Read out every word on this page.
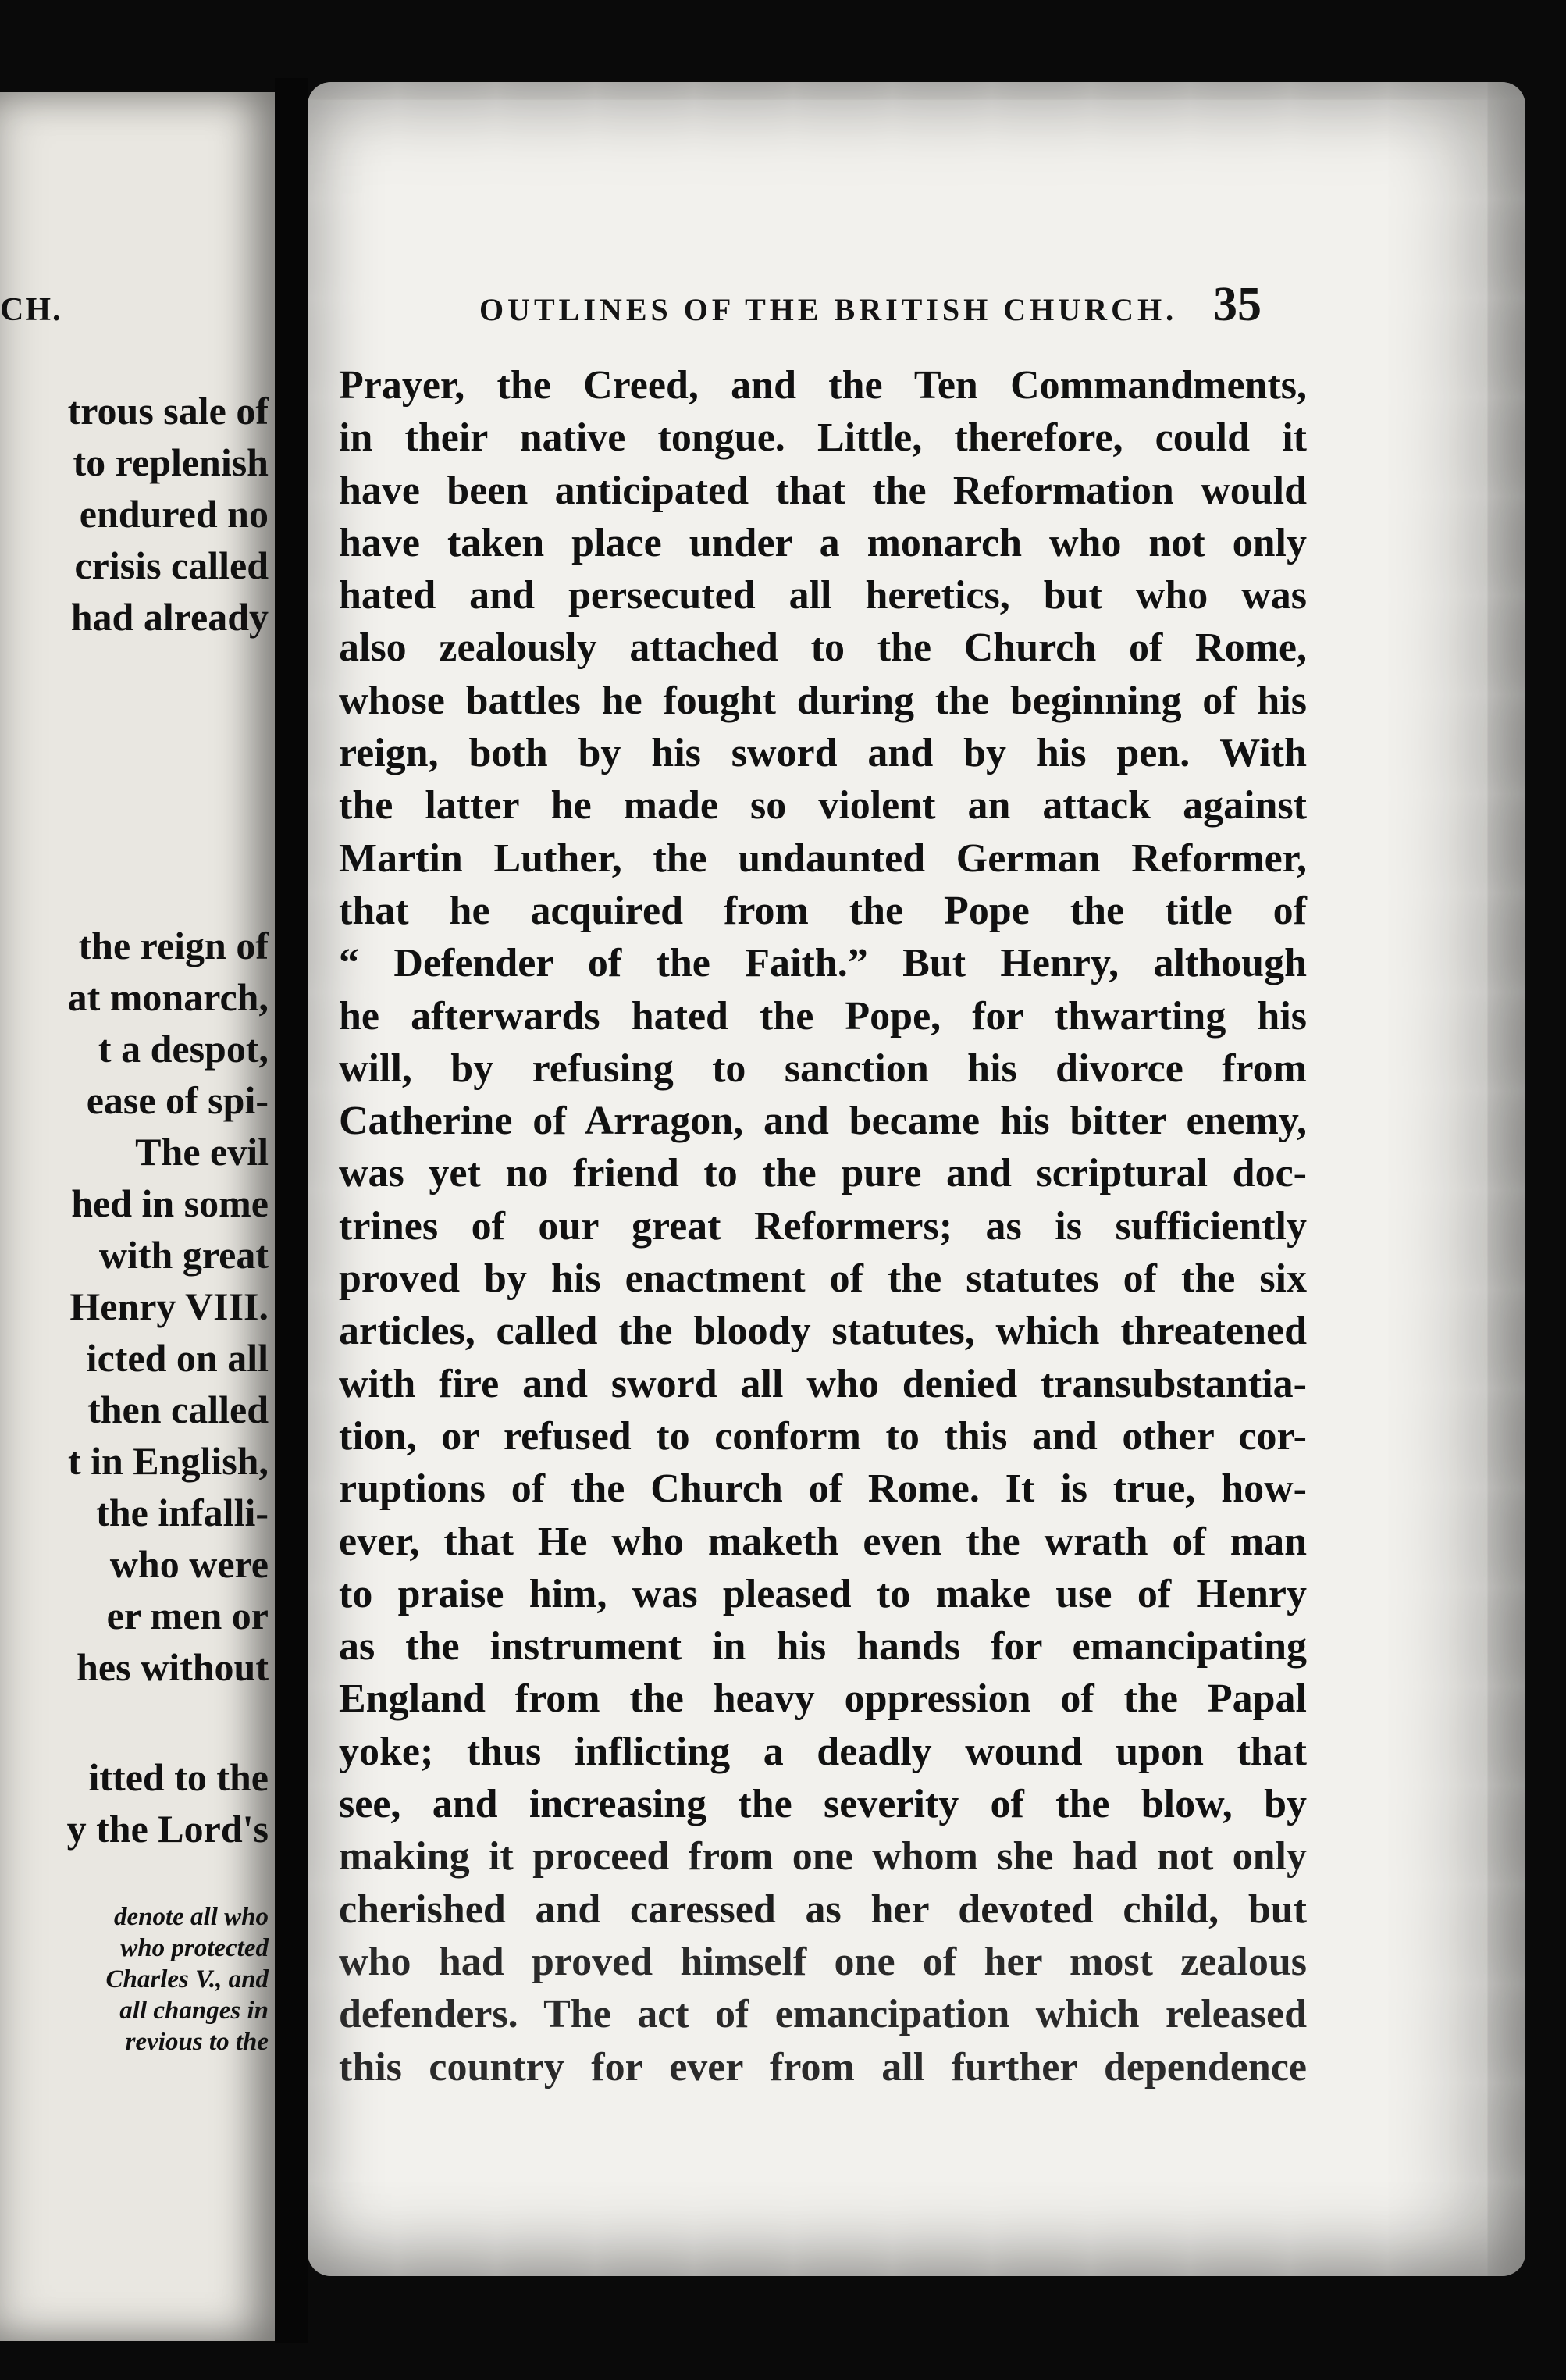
CH.
trous sale of
to replenish
endured no
crisis called
had already
the reign of
at monarch,
t a despot,
ease of spi-
The evil
hed in some
with great
Henry VIII.
icted on all
then called
t in English,
the infalli-
who were
er men or
hes without
itted to the
y the Lord's
denote all who
who protected
Charles V., and
all changes in
revious to the
OUTLINES OF THE BRITISH CHURCH. 35
Prayer, the Creed, and the Ten Commandments,
in their native tongue. Little, therefore, could it
have been anticipated that the Reformation would
have taken place under a monarch who not only
hated and persecuted all heretics, but who was
also zealously attached to the Church of Rome,
whose battles he fought during the beginning of his
reign, both by his sword and by his pen. With
the latter he made so violent an attack against
Martin Luther, the undaunted German Reformer,
that he acquired from the Pope the title of
“ Defender of the Faith.” But Henry, although
he afterwards hated the Pope, for thwarting his
will, by refusing to sanction his divorce from
Catherine of Arragon, and became his bitter enemy,
was yet no friend to the pure and scriptural doc-
trines of our great Reformers; as is sufficiently
proved by his enactment of the statutes of the six
articles, called the bloody statutes, which threatened
with fire and sword all who denied transubstantia-
tion, or refused to conform to this and other cor-
ruptions of the Church of Rome. It is true, how-
ever, that He who maketh even the wrath of man
to praise him, was pleased to make use of Henry
as the instrument in his hands for emancipating
England from the heavy oppression of the Papal
yoke; thus inflicting a deadly wound upon that
see, and increasing the severity of the blow, by
making it proceed from one whom she had not only
cherished and caressed as her devoted child, but
who had proved himself one of her most zealous
defenders. The act of emancipation which released
this country for ever from all further dependence
